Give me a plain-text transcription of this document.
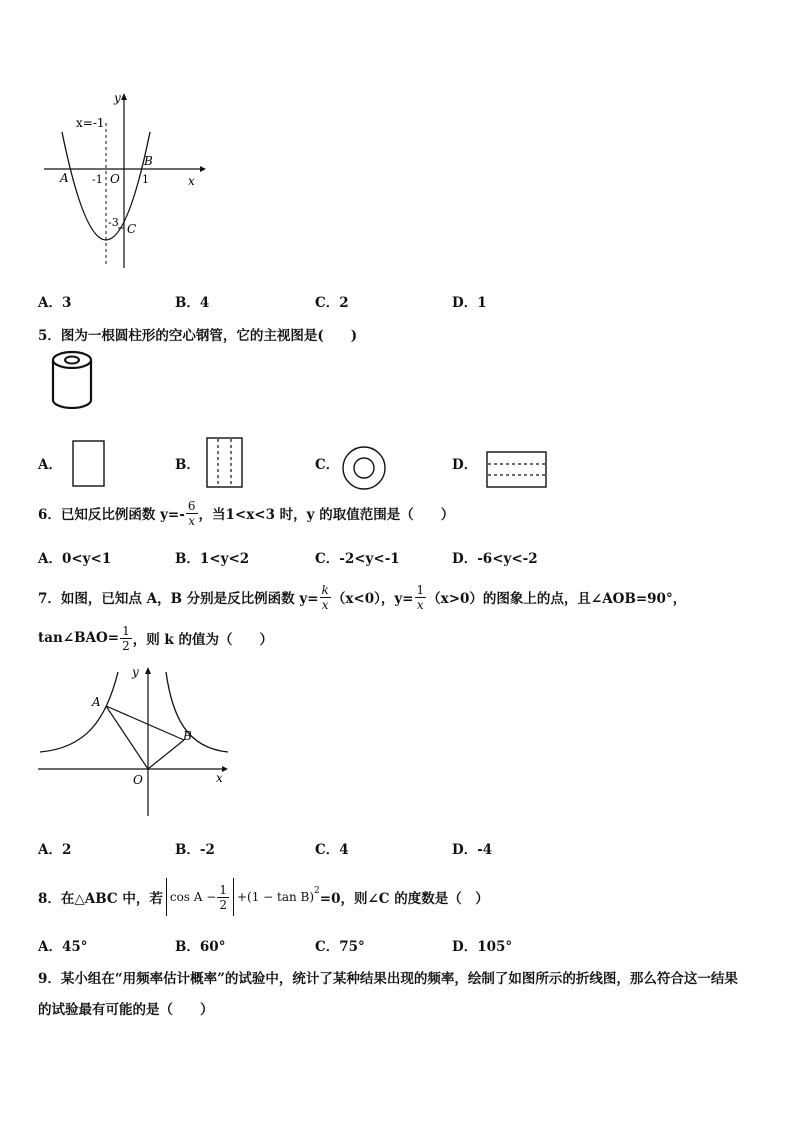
y
x
x=-1
A
B
-1 O 1
-3 C
A．3	B．4	C．2	D．1
5．图为一根圆柱形的空心钢管，它的主视图是(　　)
A．	B．	C．	D．
6．已知反比例函数 $y=- \frac{6}{x}$ ，当1<x<3 时，y 的取值范围是（　　）
A．0<y<1	B．1<y<2	C．-2<y<-1	D．-6<y<-2
7．如图，已知点 A，B 分别是反比例函数 $y= \frac{k}{x} (x<0)$，$y= \frac{1}{x} (x>0)$的图象上的点，且∠AOB=90°，
tan∠BAO= $\frac{1}{2}$ ，则 k 的值为（　　）
y
x
A
B
O
A．2	B．-2	C．4	D．-4
8．在△ABC 中，若 $\cos A - \frac{1}{2} +(1 - \tan B)^2 =0$，则∠C 的度数是（　）
A．45°	B．60°	C．75°	D．105°
9．某小组在“用频率估计概率”的试验中，统计了某种结果出现的频率，绘制了如图所示的折线图，那么符合这一结果
的试验最有可能的是（　　）
